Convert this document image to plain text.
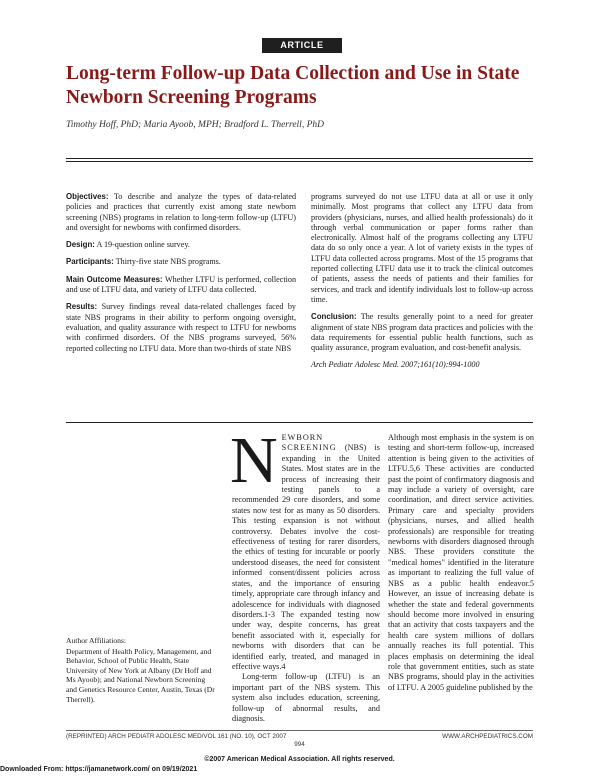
ARTICLE
Long-term Follow-up Data Collection and Use in State Newborn Screening Programs
Timothy Hoff, PhD; Maria Ayoob, MPH; Bradford L. Therrell, PhD

Objectives: To describe and analyze the types of data-related policies and practices that currently exist among state newborn screening (NBS) programs in relation to long-term follow-up (LTFU) and oversight for newborns with confirmed disorders.

Design: A 19-question online survey.

Participants: Thirty-five state NBS programs.

Main Outcome Measures: Whether LTFU is performed, collection and use of LTFU data, and variety of LTFU data collected.

Results: Survey findings reveal data-related challenges faced by state NBS programs in their ability to perform ongoing oversight, evaluation, and quality assurance with respect to LTFU for newborns with confirmed disorders. Of the NBS programs surveyed, 56% reported collecting no LTFU data. More than two-thirds of state NBS

programs surveyed do not use LTFU data at all or use it only minimally. Most programs that collect any LTFU data from providers (physicians, nurses, and allied health professionals) do it through verbal communication or paper forms rather than electronically. Almost half of the programs collecting any LTFU data do so only once a year. A lot of variety exists in the types of LTFU data collected across programs. Most of the 15 programs that reported collecting LTFU data use it to track the clinical outcomes of patients, assess the needs of patients and their families for services, and track and identify individuals lost to follow-up across time.

Conclusion: The results generally point to a need for greater alignment of state NBS program data practices and policies with the data requirements for essential public health functions, such as quality assurance, program evaluation, and cost-benefit analysis.

Arch Pediatr Adolesc Med. 2007;161(10):994-1000

NEWBORN SCREENING (NBS) is expanding in the United States. Most states are in the process of increasing their testing panels to a recommended 29 core disorders, and some states now test for as many as 50 disorders. This testing expansion is not without controversy. Debates involve the cost-effectiveness of testing for rarer disorders, the ethics of testing for incurable or poorly understood diseases, the need for consistent informed consent/dissent policies across states, and the importance of ensuring timely, appropriate care through infancy and adolescence for individuals with diagnosed disorders.1-3 The expanded testing now under way, despite concerns, has great benefit associated with it, especially for newborns with disorders that can be identified early, treated, and managed in effective ways.4

Long-term follow-up (LTFU) is an important part of the NBS system. This system also includes education, screening, follow-up of abnormal results, and diagnosis.

Although most emphasis in the system is on testing and short-term follow-up, increased attention is being given to the activities of LTFU.5,6 These activities are conducted past the point of confirmatory diagnosis and may include a variety of oversight, care coordination, and direct service activities. Primary care and specialty providers (physicians, nurses, and allied health professionals) are responsible for treating newborns with disorders diagnosed through NBS. These providers constitute the "medical homes" identified in the literature as important to realizing the full value of NBS as a public health endeavor.5 However, an issue of increasing debate is whether the state and federal governments should become more involved in ensuring that an activity that costs taxpayers and the health care system millions of dollars annually reaches its full potential. This places emphasis on determining the ideal role that government entities, such as state NBS programs, should play in the activities of LTFU. A 2005 guideline published by the

Author Affiliations:
Department of Health Policy, Management, and Behavior, School of Public Health, State University of New York at Albany (Dr Hoff and Ms Ayoob); and National Newborn Screening and Genetics Resource Center, Austin, Texas (Dr Therrell).
(REPRINTED) ARCH PEDIATR ADOLESC MED/VOL 161 (NO. 10), OCT 2007	WWW.ARCHPEDIATRICS.COM
994
©2007 American Medical Association. All rights reserved.
Downloaded From: https://jamanetwork.com/ on 09/19/2021
